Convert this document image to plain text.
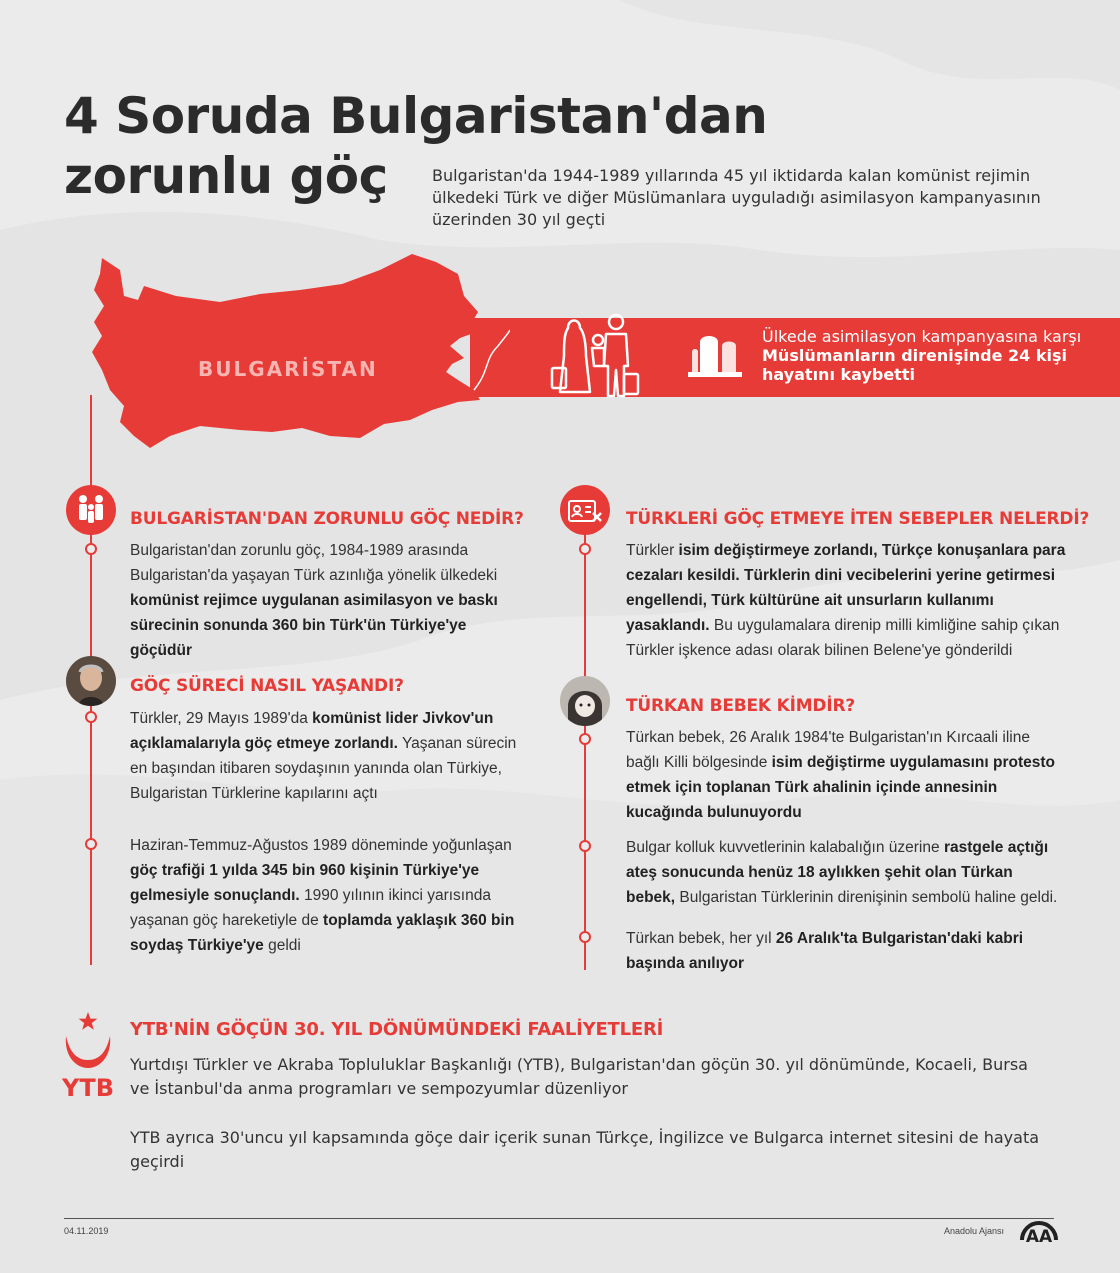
4 Soruda Bulgaristan'dan
zorunlu göç	Bulgaristan'da 1944-1989 yıllarında 45 yıl iktidarda kalan komünist rejimin ülkedeki Türk ve diğer Müslümanlara uyguladığı asimilasyon kampanyasının üzerinden 30 yıl geçti
BULGARİSTAN
Ülkede asimilasyon kampanyasına karşı Müslümanların direnişinde 24 kişi hayatını kaybetti
BULGARİSTAN'DAN ZORUNLU GÖÇ NEDİR?
Bulgaristan'dan zorunlu göç, 1984-1989 arasında Bulgaristan'da yaşayan Türk azınlığa yönelik ülkedeki komünist rejimce uygulanan asimilasyon ve baskı sürecinin sonunda 360 bin Türk'ün Türkiye'ye göçüdür
GÖÇ SÜRECİ NASIL YAŞANDI?
Türkler, 29 Mayıs 1989'da komünist lider Jivkov'un açıklamalarıyla göç etmeye zorlandı. Yaşanan sürecin en başından itibaren soydaşının yanında olan Türkiye, Bulgaristan Türklerine kapılarını açtı
Haziran-Temmuz-Ağustos 1989 döneminde yoğunlaşan göç trafiği 1 yılda 345 bin 960 kişinin Türkiye'ye gelmesiyle sonuçlandı. 1990 yılının ikinci yarısında yaşanan göç hareketiyle de toplamda yaklaşık 360 bin soydaş Türkiye'ye geldi
TÜRKLERİ GÖÇ ETMEYE İTEN SEBEPLER NELERDİ?
Türkler isim değiştirmeye zorlandı, Türkçe konuşanlara para cezaları kesildi. Türklerin dini vecibelerini yerine getirmesi engellendi, Türk kültürüne ait unsurların kullanımı yasaklandı. Bu uygulamalara direnip milli kimliğine sahip çıkan Türkler işkence adası olarak bilinen Belene'ye gönderildi
TÜRKAN BEBEK KİMDİR?
Türkan bebek, 26 Aralık 1984'te Bulgaristan'ın Kırcaali iline bağlı Killi bölgesinde isim değiştirme uygulamasını protesto etmek için toplanan Türk ahalinin içinde annesinin kucağında bulunuyordu
Bulgar kolluk kuvvetlerinin kalabalığın üzerine rastgele açtığı ateş sonucunda henüz 18 aylıkken şehit olan Türkan bebek, Bulgaristan Türklerinin direnişinin sembolü haline geldi.
Türkan bebek, her yıl 26 Aralık'ta Bulgaristan'daki kabri başında anılıyor
YTB
YTB'NİN GÖÇÜN 30. YIL DÖNÜMÜNDEKİ FAALİYETLERİ
Yurtdışı Türkler ve Akraba Topluluklar Başkanlığı (YTB), Bulgaristan'dan göçün 30. yıl dönümünde, Kocaeli, Bursa ve İstanbul'da anma programları ve sempozyumlar düzenliyor
YTB ayrıca 30'uncu yıl kapsamında göçe dair içerik sunan Türkçe, İngilizce ve Bulgarca internet sitesini de hayata geçirdi
04.11.2019	Anadolu Ajansı AA
